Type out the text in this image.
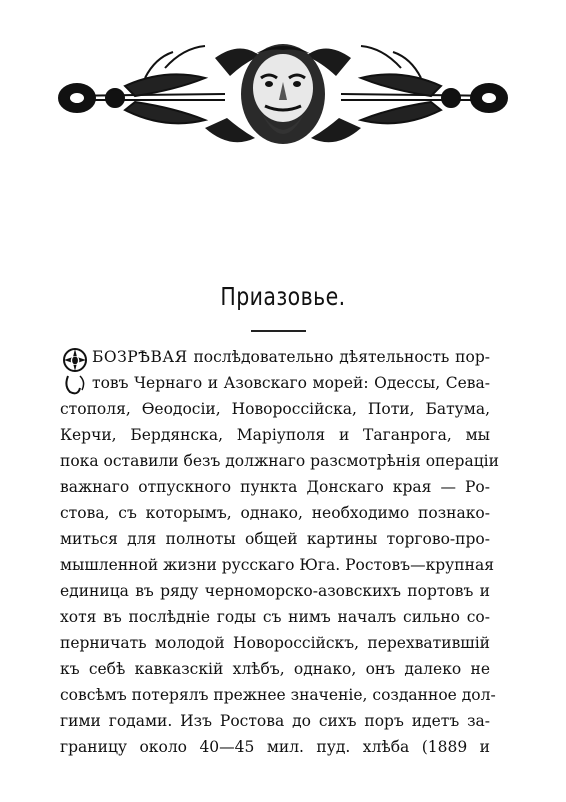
Приазовье.
О БОЗРѢВАЯ послѣдовательно дѣятельность пор-
товъ Чернаго и Азовскаго морей: Одессы, Сева-
стополя, Ѳеодосіи, Новороссійска, Поти, Батума,
Керчи, Бердянска, Маріуполя и Таганрога, мы
пока оставили безъ должнаго разсмотрѣнія операціи
важнаго отпускного пункта Донскаго края — Ро-
стова, съ которымъ, однако, необходимо познако-
миться для полноты общей картины торгово-про-
мышленной жизни русскаго Юга. Ростовъ—крупная
единица въ ряду черноморско-азовскихъ портовъ и
хотя въ послѣдніе годы съ нимъ началъ сильно со-
перничать молодой Новороссійскъ, перехватившій
къ себѣ кавказскій хлѣбъ, однако, онъ далеко не
совсѣмъ потерялъ прежнее значеніе, созданное дол-
гими годами. Изъ Ростова до сихъ поръ идетъ за-
границу около 40—45 мил. пуд. хлѣба (1889 и
